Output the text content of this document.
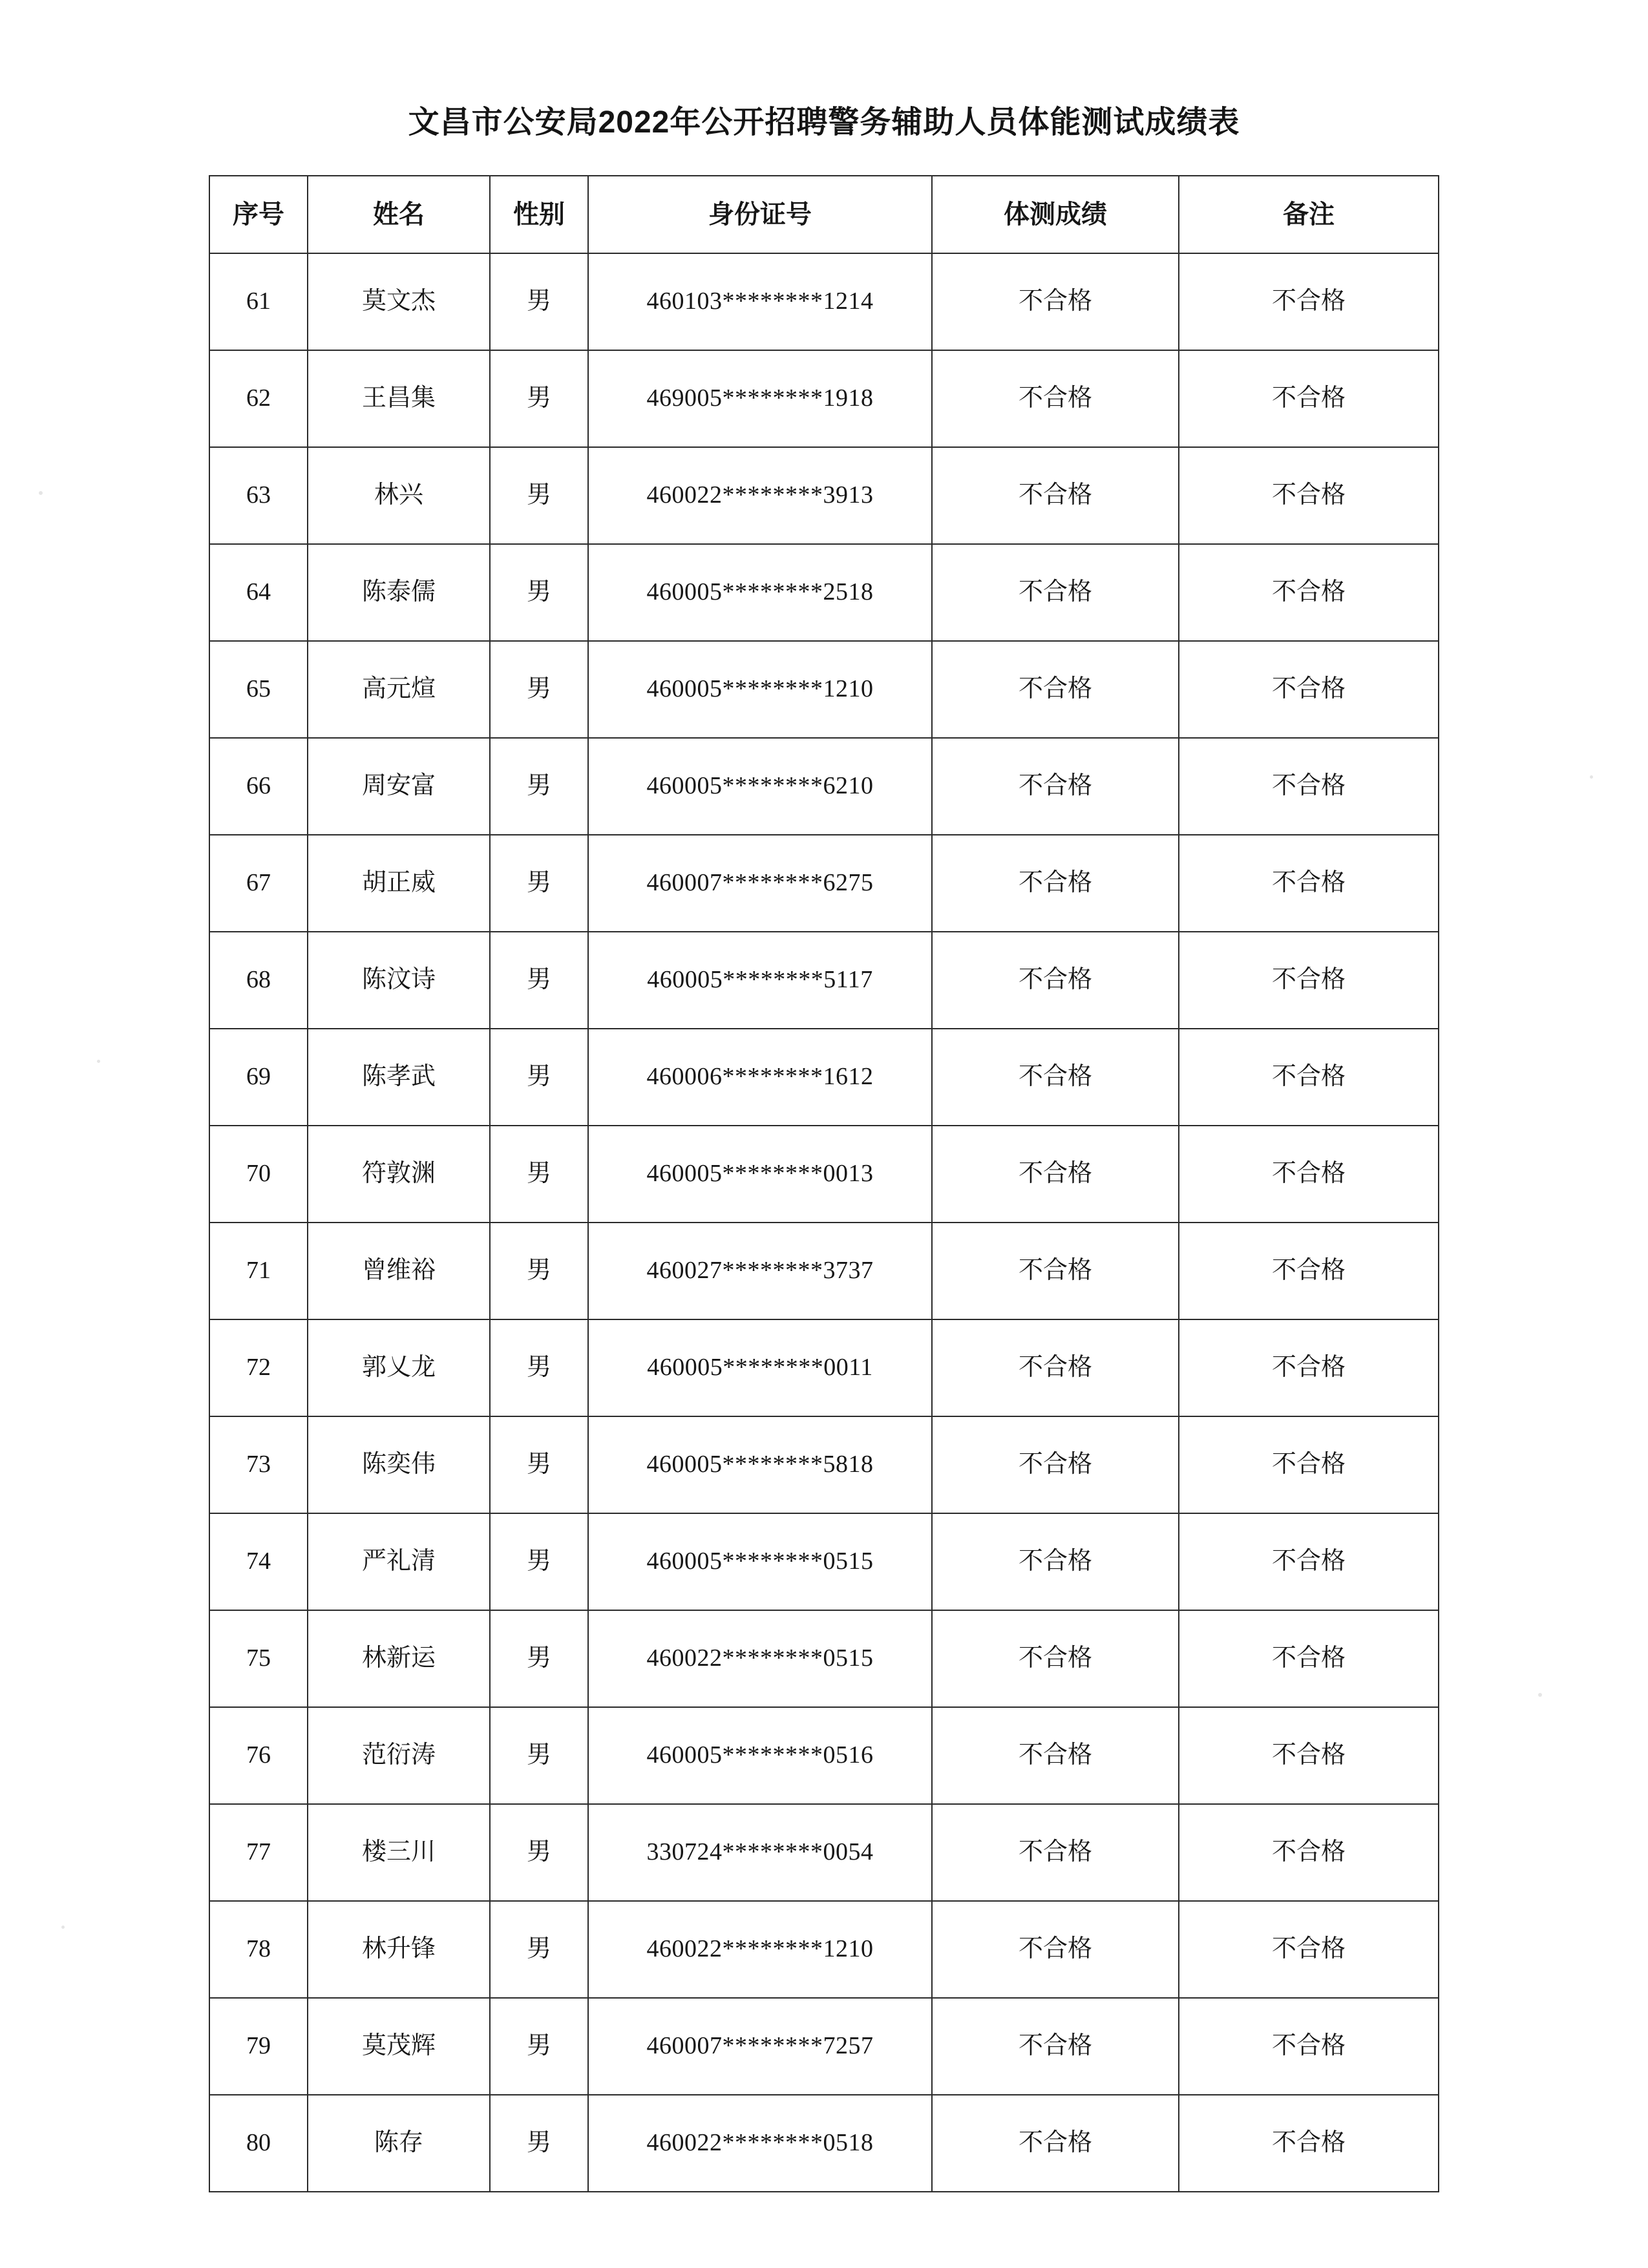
文昌市公安局2022年公开招聘警务辅助人员体能测试成绩表
序号	姓名	性别	身份证号	体测成绩	备注
61	莫文杰	男	460103********1214	不合格	不合格
62	王昌集	男	469005********1918	不合格	不合格
63	林兴	男	460022********3913	不合格	不合格
64	陈泰儒	男	460005********2518	不合格	不合格
65	高元煊	男	460005********1210	不合格	不合格
66	周安富	男	460005********6210	不合格	不合格
67	胡正威	男	460007********6275	不合格	不合格
68	陈汶诗	男	460005********5117	不合格	不合格
69	陈孝武	男	460006********1612	不合格	不合格
70	符敦渊	男	460005********0013	不合格	不合格
71	曾维裕	男	460027********3737	不合格	不合格
72	郭乂龙	男	460005********0011	不合格	不合格
73	陈奕伟	男	460005********5818	不合格	不合格
74	严礼清	男	460005********0515	不合格	不合格
75	林新运	男	460022********0515	不合格	不合格
76	范衍涛	男	460005********0516	不合格	不合格
77	楼三川	男	330724********0054	不合格	不合格
78	林升锋	男	460022********1210	不合格	不合格
79	莫茂辉	男	460007********7257	不合格	不合格
80	陈存	男	460022********0518	不合格	不合格
